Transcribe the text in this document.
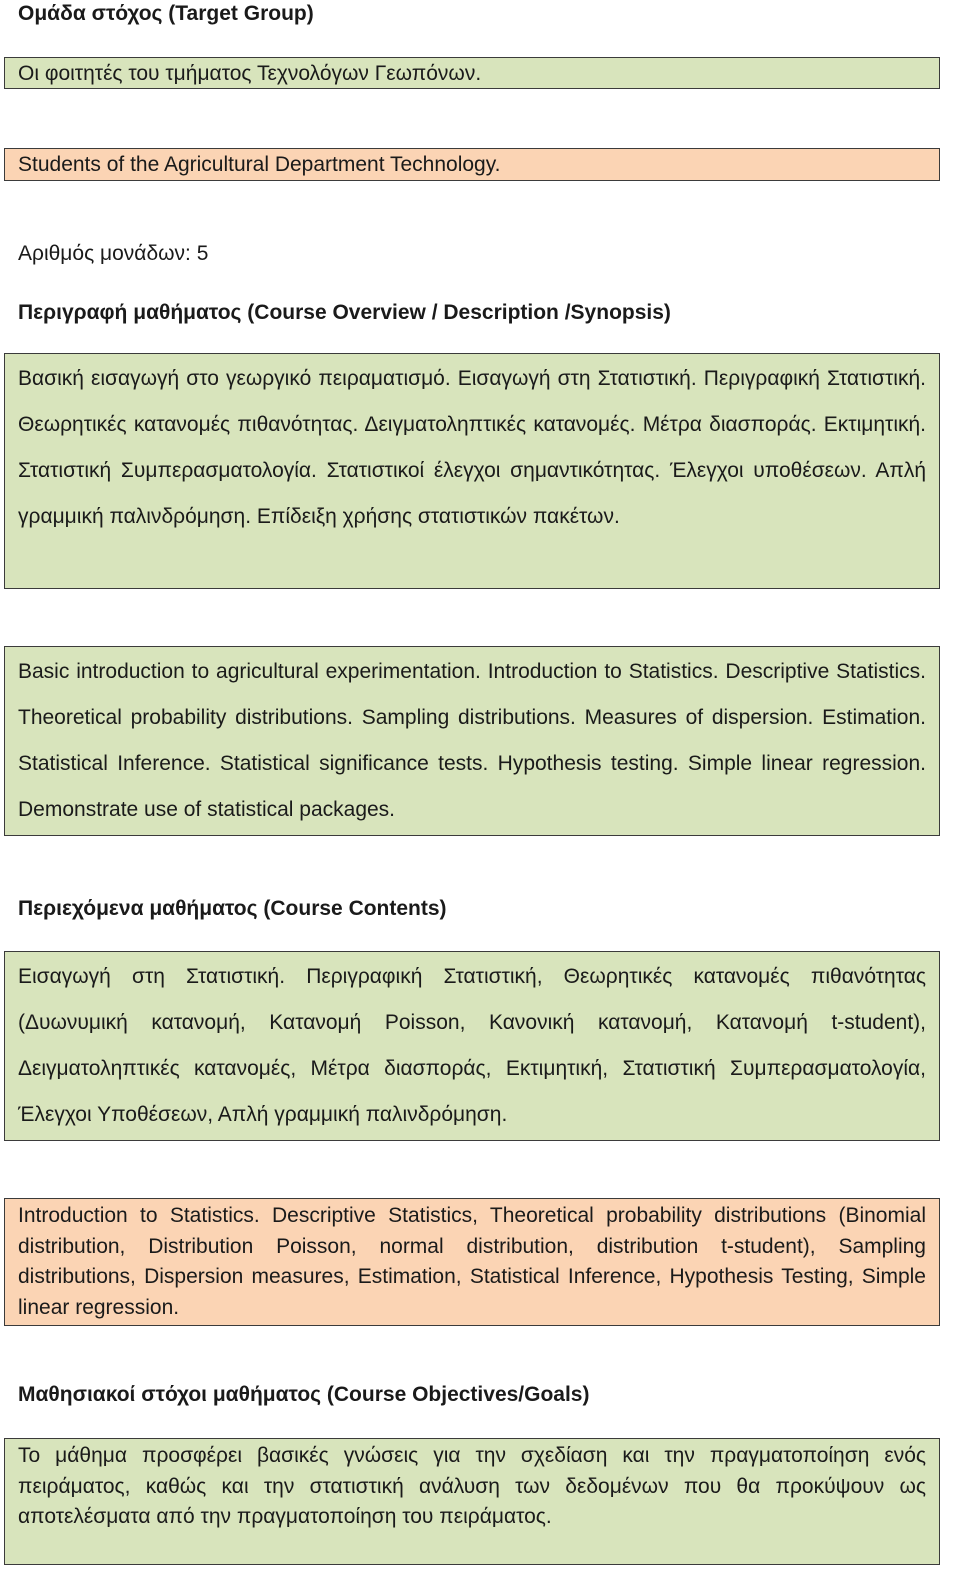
Ομάδα στόχος (Target Group)

Οι φοιτητές του τμήματος Τεχνολόγων Γεωπόνων.

Students of the Agricultural Department Technology.

Αριθμός μονάδων: 5
Περιγραφή μαθήματος (Course Overview / Description /Synopsis)

Βασική εισαγωγή στο γεωργικό πειραματισμό. Εισαγωγή στη Στατιστική. Περιγραφική Στατιστική. Θεωρητικές κατανομές πιθανότητας. Δειγματοληπτικές κατανομές. Μέτρα διασποράς. Εκτιμητική. Στατιστική Συμπερασματολογία. Στατιστικοί έλεγχοι σημαντικότητας. Έλεγχοι υποθέσεων. Απλή γραμμική παλινδρόμηση. Επίδειξη χρήσης στατιστικών πακέτων.

Basic introduction to agricultural experimentation. Introduction to Statistics. Descriptive Statistics. Theoretical probability distributions. Sampling distributions. Measures of dispersion. Estimation. Statistical Inference. Statistical significance tests. Hypothesis testing. Simple linear regression. Demonstrate use of statistical packages.

Περιεχόμενα μαθήματος (Course Contents)

Εισαγωγή στη Στατιστική. Περιγραφική Στατιστική, Θεωρητικές κατανομές πιθανότητας (Δυωνυμική κατανομή, Κατανομή Poisson, Κανονική κατανομή, Κατανομή t-student), Δειγματοληπτικές κατανομές, Μέτρα διασποράς, Εκτιμητική, Στατιστική Συμπερασματολογία, Έλεγχοι Υποθέσεων, Απλή γραμμική παλινδρόμηση.

Introduction to Statistics. Descriptive Statistics, Theoretical probability distributions (Binomial distribution, Distribution Poisson, normal distribution, distribution t-student), Sampling distributions, Dispersion measures, Estimation, Statistical Inference, Hypothesis Testing, Simple linear regression.

Μαθησιακοί στόχοι μαθήματος (Course Objectives/Goals)

Το μάθημα προσφέρει βασικές γνώσεις για την σχεδίαση και την πραγματοποίηση ενός πειράματος, καθώς και την στατιστική ανάλυση των δεδομένων που θα προκύψουν ως αποτελέσματα από την πραγματοποίηση του πειράματος.
